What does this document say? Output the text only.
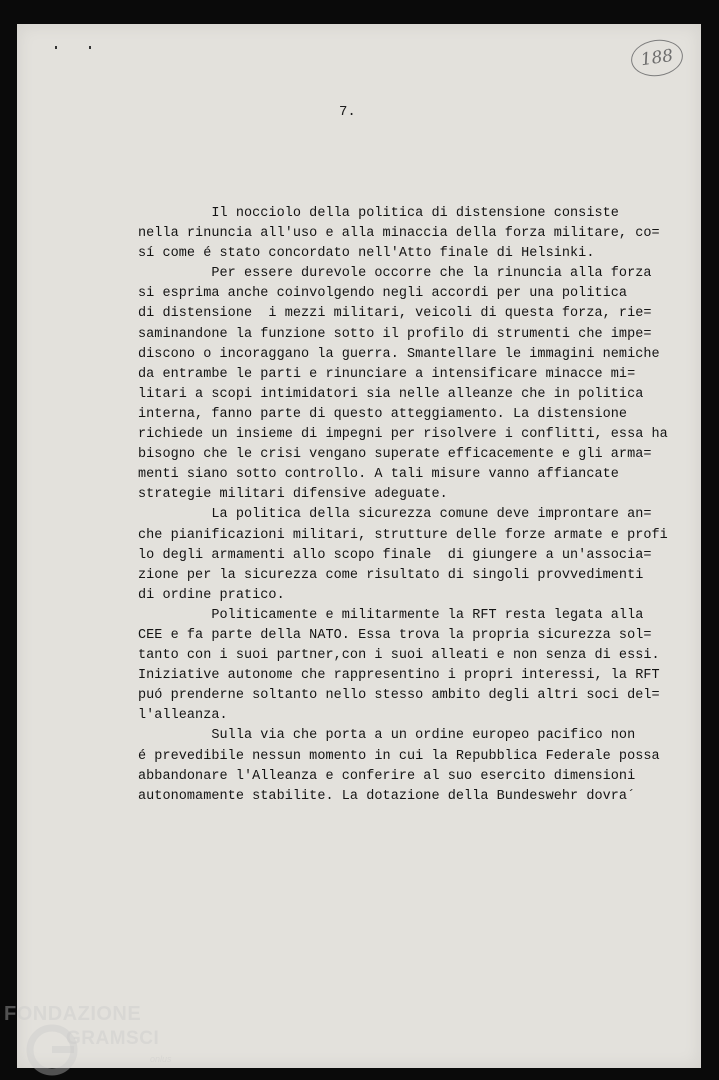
188
7.
Il nocciolo della politica di distensione consiste
nella rinuncia all'uso e alla minaccia della forza militare, co=
sí come é stato concordato nell'Atto finale di Helsinki.
Per essere durevole occorre che la rinuncia alla forza
si esprima anche coinvolgendo negli accordi per una politica
di distensione  i mezzi militari, veicoli di questa forza, rie=
saminandone la funzione sotto il profilo di strumenti che impe=
discono o incoraggano la guerra. Smantellare le immagini nemiche
da entrambe le parti e rinunciare a intensificare minacce mi=
litari a scopi intimidatori sia nelle alleanze che in politica
interna, fanno parte di questo atteggiamento. La distensione
richiede un insieme di impegni per risolvere i conflitti, essa ha
bisogno che le crisi vengano superate efficacemente e gli arma=
menti siano sotto controllo. A tali misure vanno affiancate
strategie militari difensive adeguate.
La politica della sicurezza comune deve improntare an=
che pianificazioni militari, strutture delle forze armate e profi
lo degli armamenti allo scopo finale  di giungere a un'associa=
zione per la sicurezza come risultato di singoli provvedimenti
di ordine pratico.
Politicamente e militarmente la RFT resta legata alla
CEE e fa parte della NATO. Essa trova la propria sicurezza sol=
tanto con i suoi partner,con i suoi alleati e non senza di essi.
Iniziative autonome che rappresentino i propri interessi, la RFT
puó prenderne soltanto nello stesso ambito degli altri soci del=
l'alleanza.
Sulla via che porta a un ordine europeo pacifico non
é prevedibile nessun momento in cui la Repubblica Federale possa
abbandonare l'Alleanza e conferire al suo esercito dimensioni
autonomamente stabilite. La dotazione della Bundeswehr dovra´
FONDAZIONE
GRAMSCI
onlus
